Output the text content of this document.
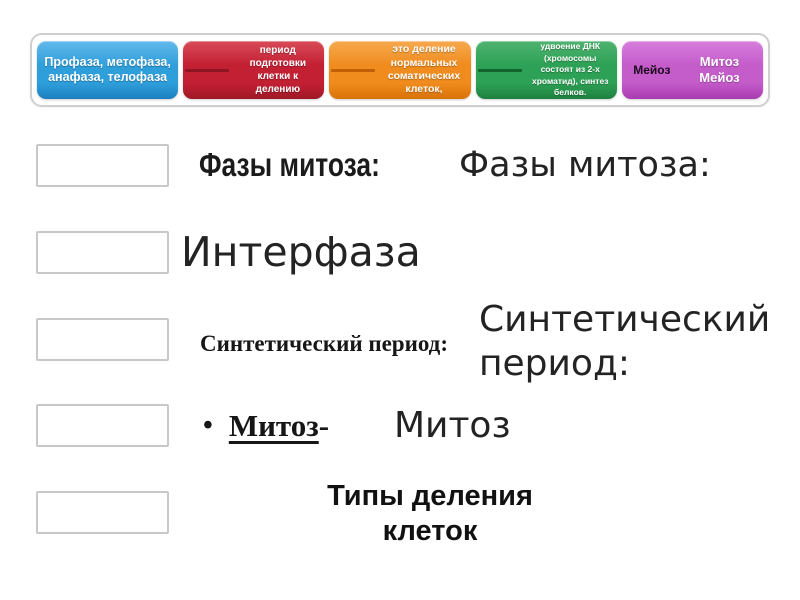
Профаза, метофаза, анафаза, телофаза
период подготовки клетки к делению
это деление нормальных соматических клеток,
удвоение ДНК (хромосомы состоят из 2-х хроматид), синтез белков.
Мейоз
Митоз Мейоз
Фазы митоза: Фазы митоза:
Интерфаза
Синтетический период:
Синтетический период:
• Митоз- Митоз
Типы деления клеток
